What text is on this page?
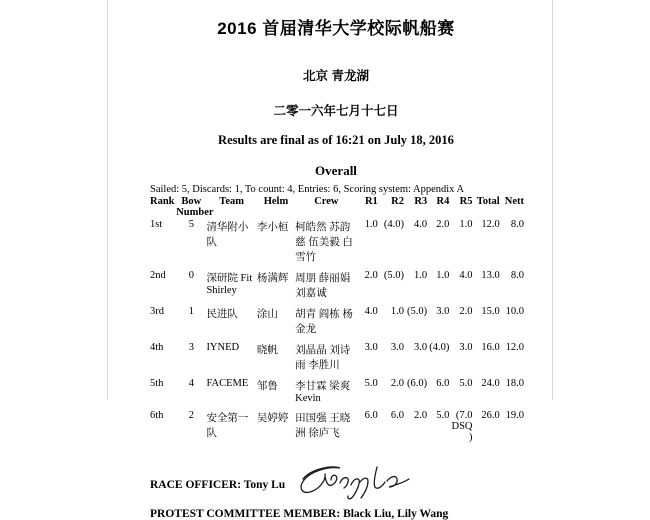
2016 首届清华大学校际帆船赛
北京 青龙湖
二零一六年七月十七日
Results are final as of 16:21 on July 18, 2016
Overall
Sailed: 5, Discards: 1, To count: 4, Entries: 6, Scoring system: Appendix A
Rank	Bow Number	Team	Helm	Crew	R1	R2	R3	R4	R5	Total	Nett
1st	5	清华附小队	李小桓	柯皓然 苏韵慈 伍美毅 白雪竹	1.0	(4.0)	4.0	2.0	1.0	12.0	8.0
2nd	0	深研院 Fit Shirley	杨满辉	周朋 薛丽娟 刘嘉诚	2.0	(5.0)	1.0	1.0	4.0	13.0	8.0
3rd	1	民进队	涂山	胡青 阎栋 杨金龙	4.0	1.0	(5.0)	3.0	2.0	15.0	10.0
4th	3	IYNED	晓帆	刘晶晶 刘诗雨 李胜川	3.0	3.0	3.0	(4.0)	3.0	16.0	12.0
5th	4	FACEME	邹鲁	李甘霖 梁爽 Kevin	5.0	2.0	(6.0)	6.0	5.0	24.0	18.0
6th	2	安全第一队	吴婷婷	田国强 王晓洲 徐庐飞	6.0	6.0	2.0	5.0	(7.0 DSQ)	26.0	19.0
RACE OFFICER: Tony Lu
PROTEST COMMITTEE MEMBER: Black Liu, Lily Wang
